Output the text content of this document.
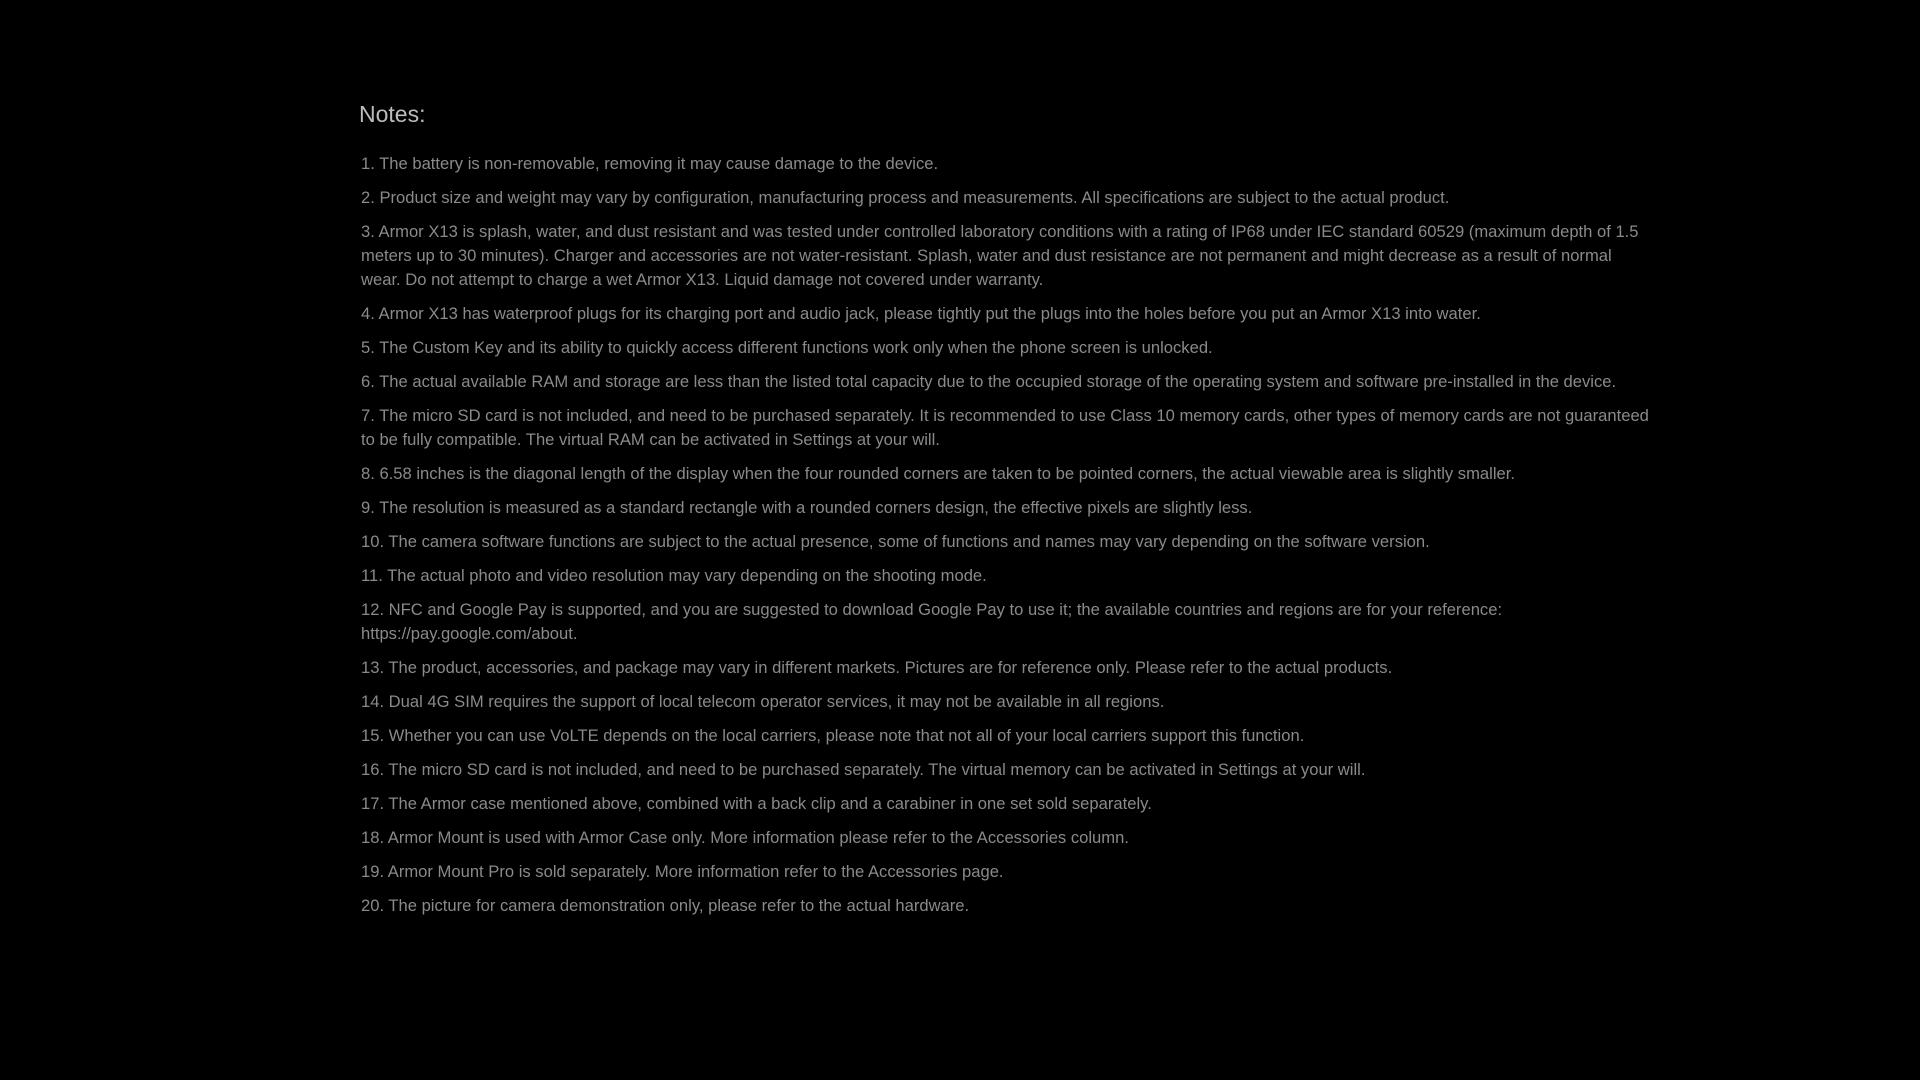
Notes:
1. The battery is non-removable, removing it may cause damage to the device.
2. Product size and weight may vary by configuration, manufacturing process and measurements. All specifications are subject to the actual product.
3. Armor X13 is splash, water, and dust resistant and was tested under controlled laboratory conditions with a rating of IP68 under IEC standard 60529 (maximum depth of 1.5 meters up to 30 minutes). Charger and accessories are not water-resistant. Splash, water and dust resistance are not permanent and might decrease as a result of normal wear. Do not attempt to charge a wet Armor X13. Liquid damage not covered under warranty.
4. Armor X13 has waterproof plugs for its charging port and audio jack, please tightly put the plugs into the holes before you put an Armor X13 into water.
5. The Custom Key and its ability to quickly access different functions work only when the phone screen is unlocked.
6. The actual available RAM and storage are less than the listed total capacity due to the occupied storage of the operating system and software pre-installed in the device.
7. The micro SD card is not included, and need to be purchased separately. It is recommended to use Class 10 memory cards, other types of memory cards are not guaranteed to be fully compatible. The virtual RAM can be activated in Settings at your will.
8. 6.58 inches is the diagonal length of the display when the four rounded corners are taken to be pointed corners, the actual viewable area is slightly smaller.
9. The resolution is measured as a standard rectangle with a rounded corners design, the effective pixels are slightly less.
10. The camera software functions are subject to the actual presence, some of functions and names may vary depending on the software version.
11. The actual photo and video resolution may vary depending on the shooting mode.
12. NFC and Google Pay is supported, and you are suggested to download Google Pay to use it; the available countries and regions are for your reference: https://pay.google.com/about.
13. The product, accessories, and package may vary in different markets. Pictures are for reference only. Please refer to the actual products.
14. Dual 4G SIM requires the support of local telecom operator services, it may not be available in all regions.
15. Whether you can use VoLTE depends on the local carriers, please note that not all of your local carriers support this function.
16. The micro SD card is not included, and need to be purchased separately. The virtual memory can be activated in Settings at your will.
17. The Armor case mentioned above, combined with a back clip and a carabiner in one set sold separately.
18. Armor Mount is used with Armor Case only. More information please refer to the Accessories column.
19. Armor Mount Pro is sold separately. More information refer to the Accessories page.
20. The picture for camera demonstration only, please refer to the actual hardware.
